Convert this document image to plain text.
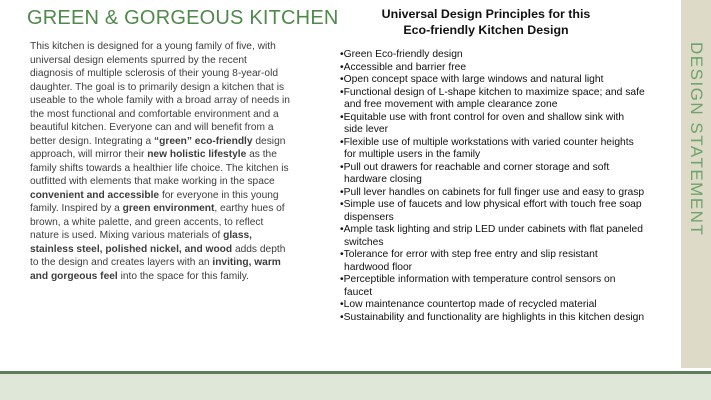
GREEN & GORGEOUS KITCHEN
This kitchen is designed for a young family of five, with universal design elements spurred by the recent diagnosis of multiple sclerosis of their young 8-year-old daughter. The goal is to primarily design a kitchen that is useable to the whole family with a broad array of needs in the most functional and comfortable environment and a beautiful kitchen. Everyone can and will benefit from a better design. Integrating a “green” eco-friendly design approach, will mirror their new holistic lifestyle as the family shifts towards a healthier life choice. The kitchen is outfitted with elements that make working in the space convenient and accessible for everyone in this young family. Inspired by a green environment, earthy hues of brown, a white palette, and green accents, to reflect nature is used. Mixing various materials of glass, stainless steel, polished nickel, and wood adds depth to the design and creates layers with an inviting, warm and gorgeous feel into the space for this family.
Universal Design Principles for this
Eco-friendly Kitchen Design
• Green Eco-friendly design
• Accessible and barrier free
• Open concept space with large windows and natural light
• Functional design of L-shape kitchen to maximize space; and safe and free movement with ample clearance zone
• Equitable use with front control for oven and shallow sink with side lever
• Flexible use of multiple workstations with varied counter heights for multiple users in the family
• Pull out drawers for reachable and corner storage and soft hardware closing
• Pull lever handles on cabinets for full finger use and easy to grasp
• Simple use of faucets and low physical effort with touch free soap dispensers
• Ample task lighting and strip LED under cabinets with flat paneled switches
• Tolerance for error with step free entry and slip resistant hardwood floor
• Perceptible information with temperature control sensors on faucet
• Low maintenance countertop made of recycled material
• Sustainability and functionality are highlights in this kitchen design
DESIGN STATEMENT
